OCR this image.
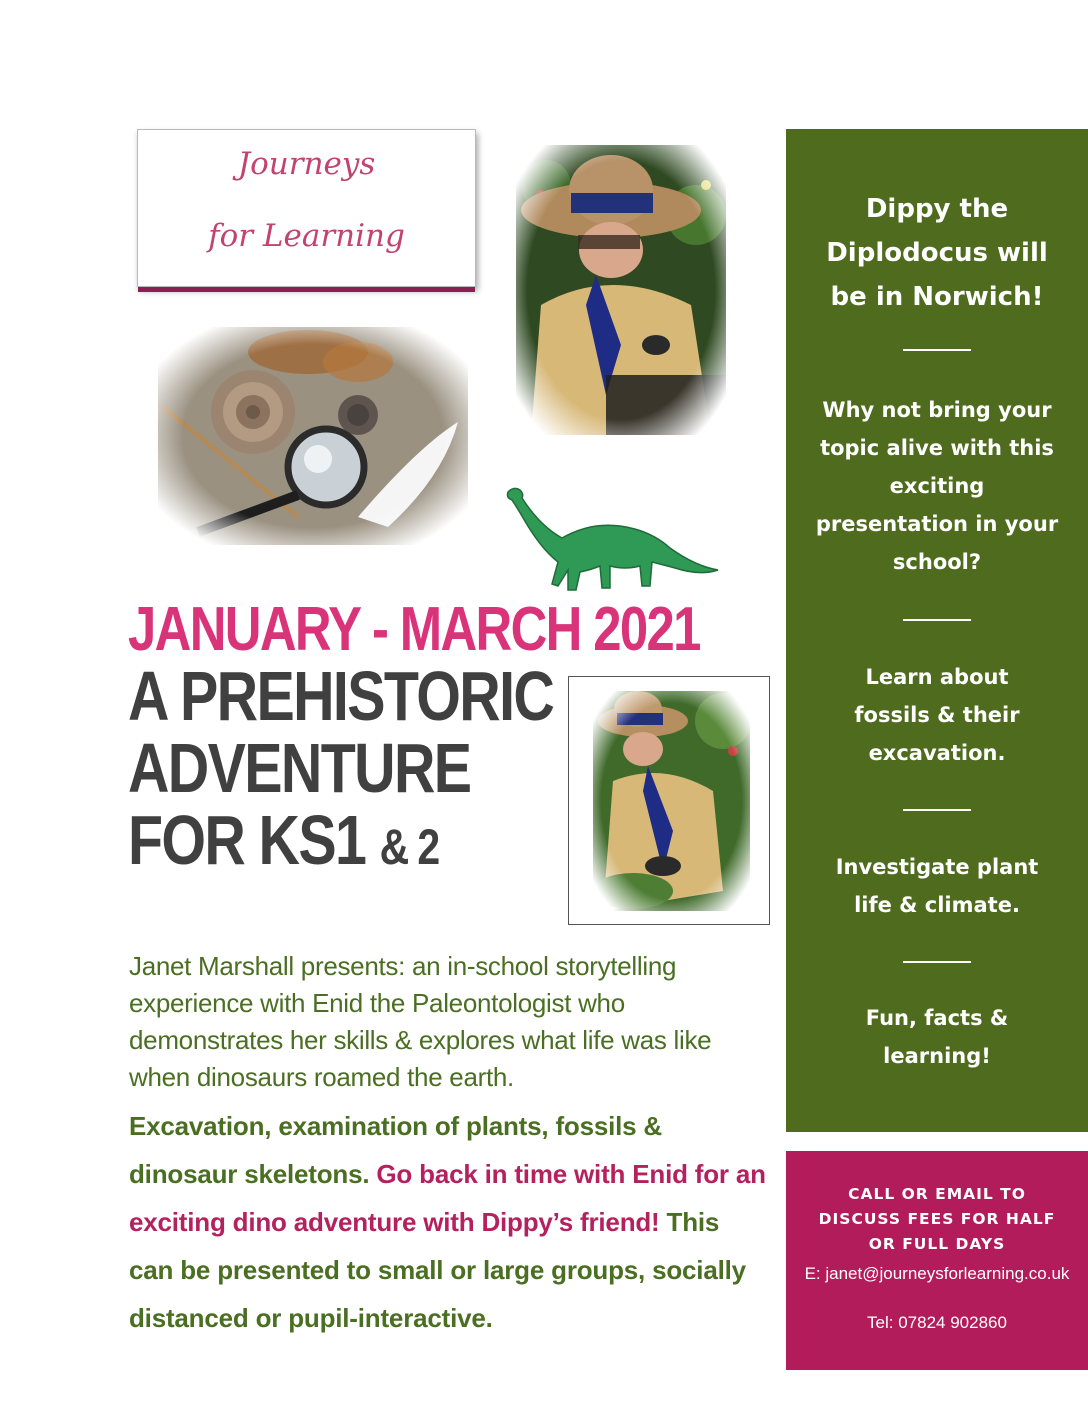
Journeys
for Learning
JANUARY - MARCH 2021
A PREHISTORIC
ADVENTURE
FOR KS1 & 2
Janet Marshall presents: an in-school storytelling experience with Enid the Paleontologist who demonstrates her skills & explores what life was like when dinosaurs roamed the earth.
Excavation, examination of plants, fossils & dinosaur skeletons. Go back in time with Enid for an exciting dino adventure with Dippy’s friend! This can be presented to small or large groups, socially distanced or pupil-interactive.
Dippy the Diplodocus will be in Norwich!
Why not bring your topic alive with this exciting presentation in your school?
Learn about fossils & their excavation.
Investigate plant life & climate.
Fun, facts & learning!
CALL OR EMAIL TO DISCUSS FEES FOR HALF OR FULL DAYS
E: janet@journeysforlearning.co.uk
Tel: 07824 902860
